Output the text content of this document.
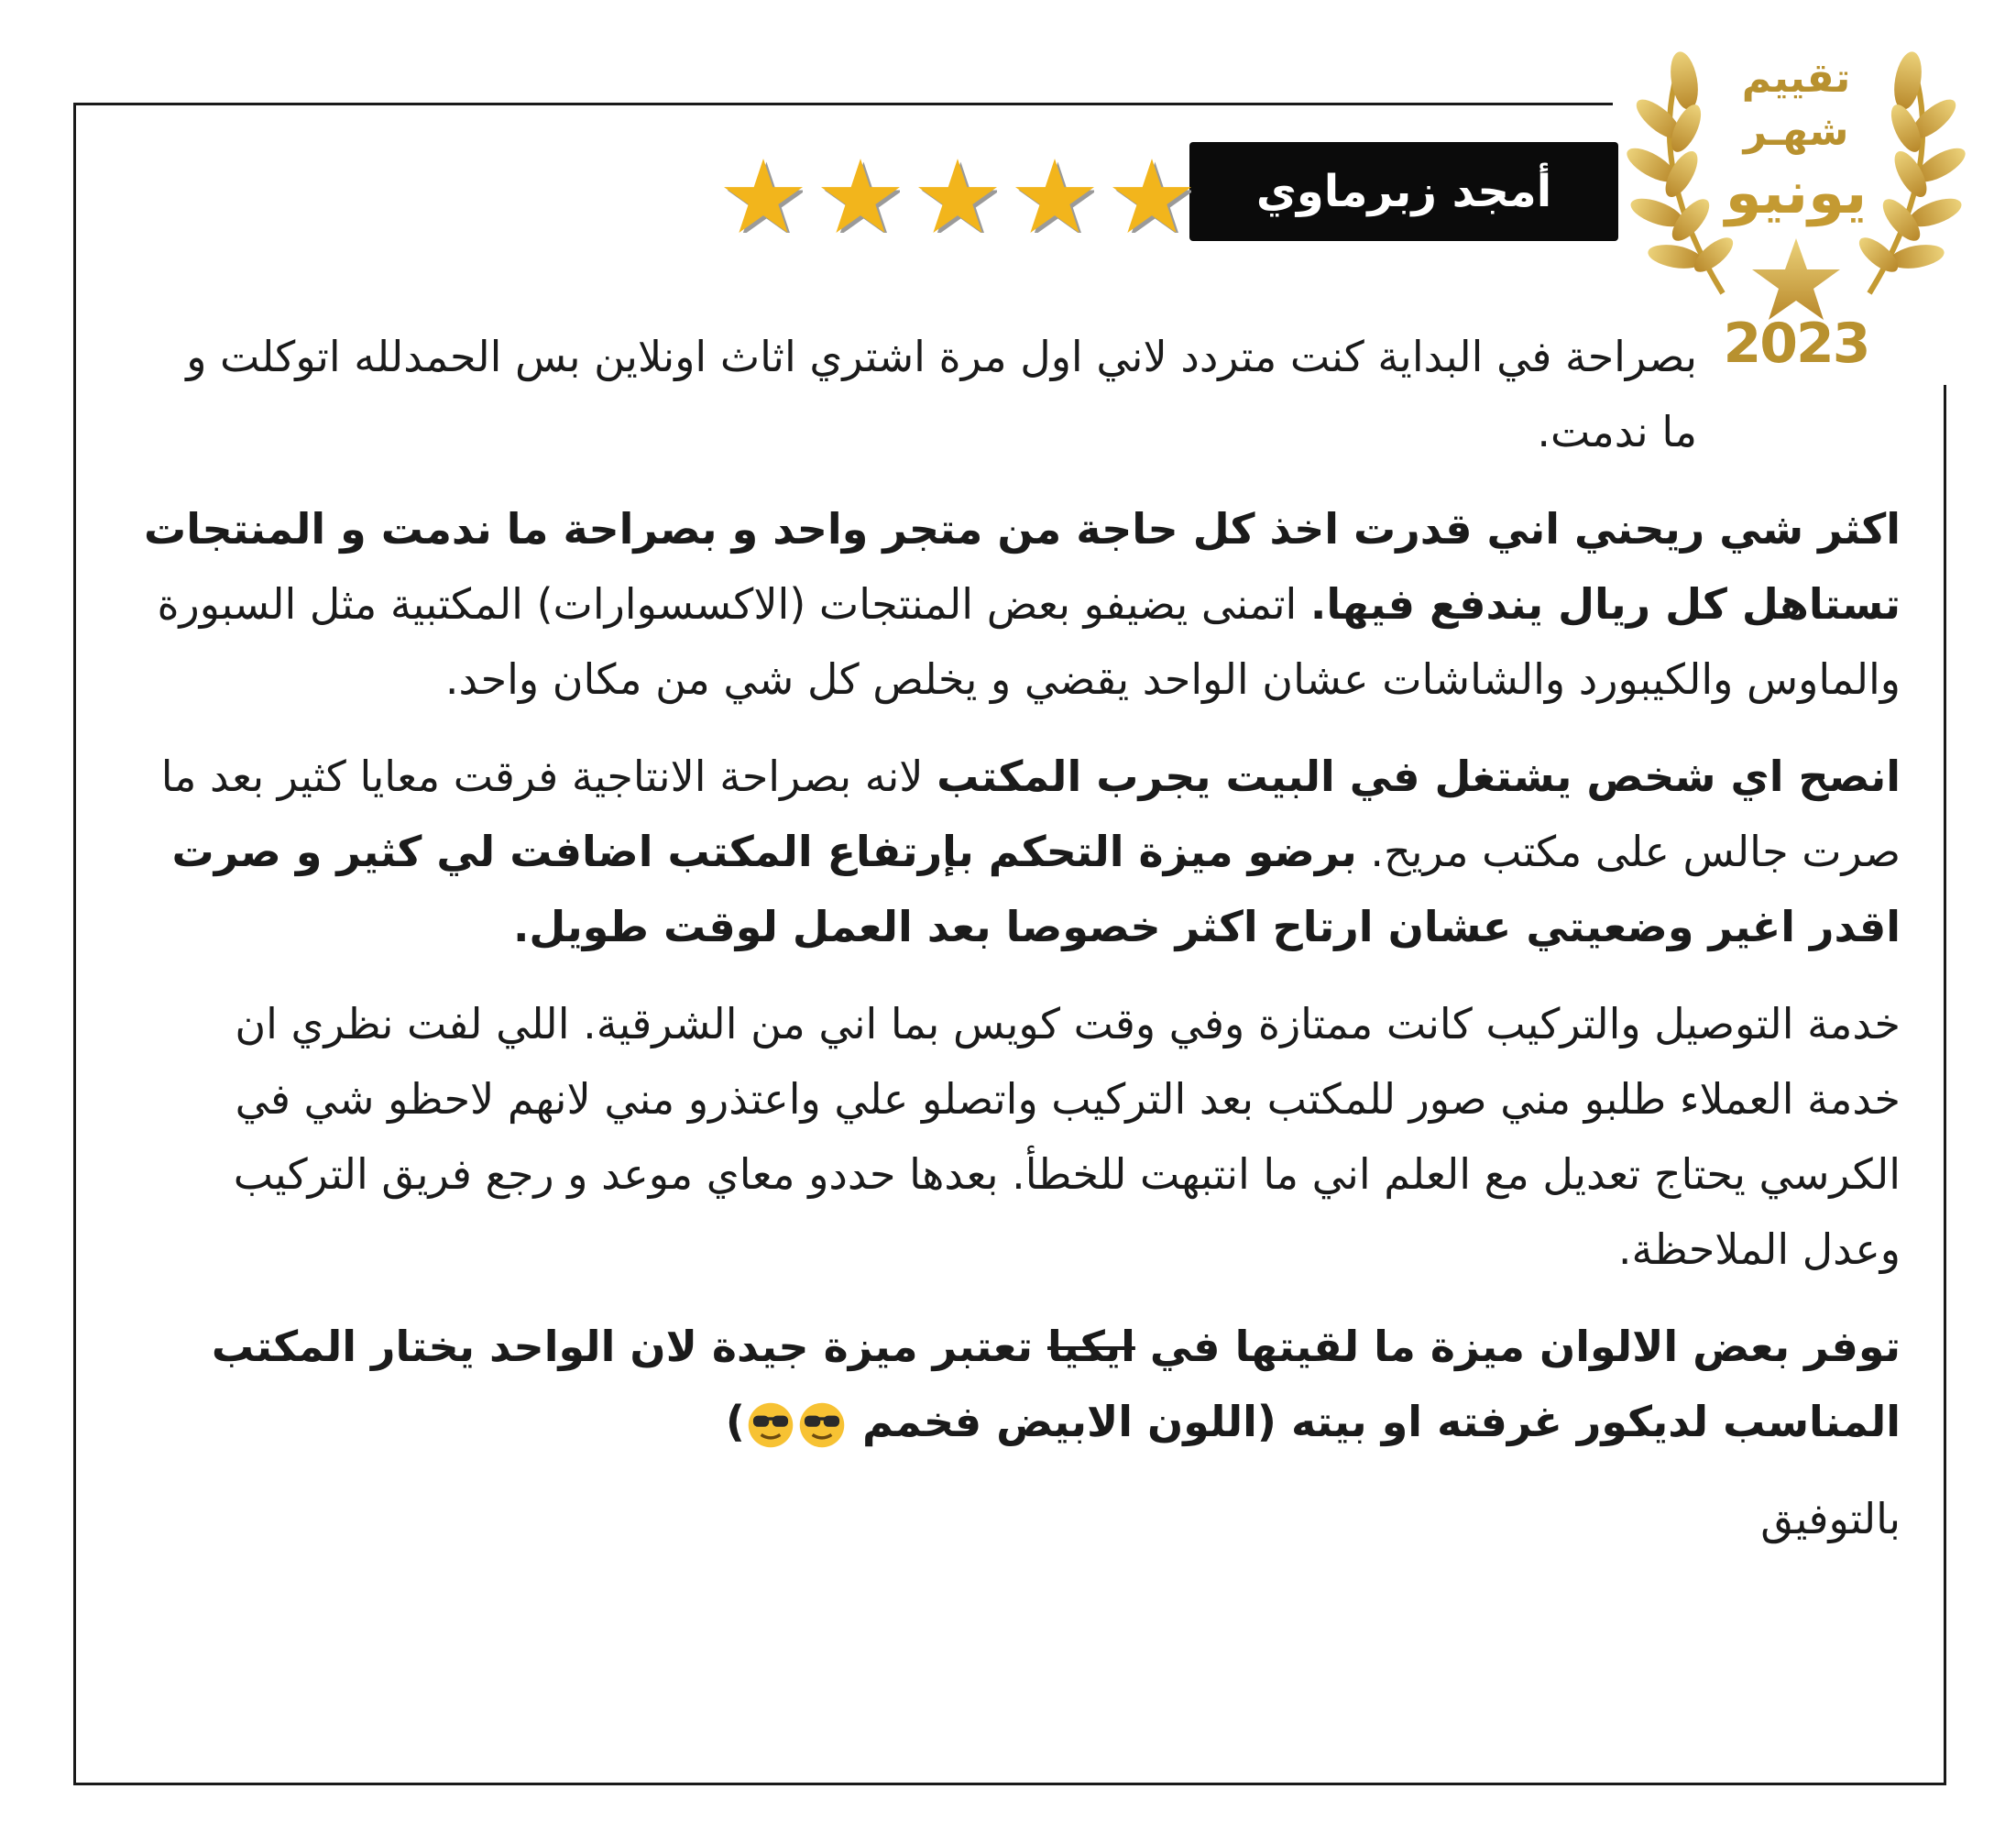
تقييم
شهـر
يونيو
2023
أمجد زبرماوي

بصراحة في البداية كنت متردد لاني اول مرة اشتري اثاث اونلاين بس الحمدلله اتوكلت و ما ندمت.

اكثر شي ريحني اني قدرت اخذ كل حاجة من متجر واحد و بصراحة ما ندمت و المنتجات تستاهل كل ريال يندفع فيها. اتمنى يضيفو بعض المنتجات (الاكسسوارات) المكتبية مثل السبورة والماوس والكيبورد والشاشات عشان الواحد يقضي و يخلص كل شي من مكان واحد.

انصح اي شخص يشتغل في البيت يجرب المكتب لانه بصراحة الانتاجية فرقت معايا كثير بعد ما صرت جالس على مكتب مريح. برضو ميزة التحكم بإرتفاع المكتب اضافت لي كثير و صرت اقدر اغير وضعيتي عشان ارتاح اكثر خصوصا بعد العمل لوقت طويل.

خدمة التوصيل والتركيب كانت ممتازة وفي وقت كويس بما اني من الشرقية. اللي لفت نظري ان خدمة العملاء طلبو مني صور للمكتب بعد التركيب واتصلو علي واعتذرو مني لانهم لاحظو شي في الكرسي يحتاج تعديل مع العلم اني ما انتبهت للخطأ. بعدها حددو معاي موعد و رجع فريق التركيب وعدل الملاحظة.

توفر بعض الالوان ميزة ما لقيتها في ايكيا تعتبر ميزة جيدة لان الواحد يختار المكتب المناسب لديكور غرفته او بيته (اللون الابيض فخمم )

بالتوفيق
